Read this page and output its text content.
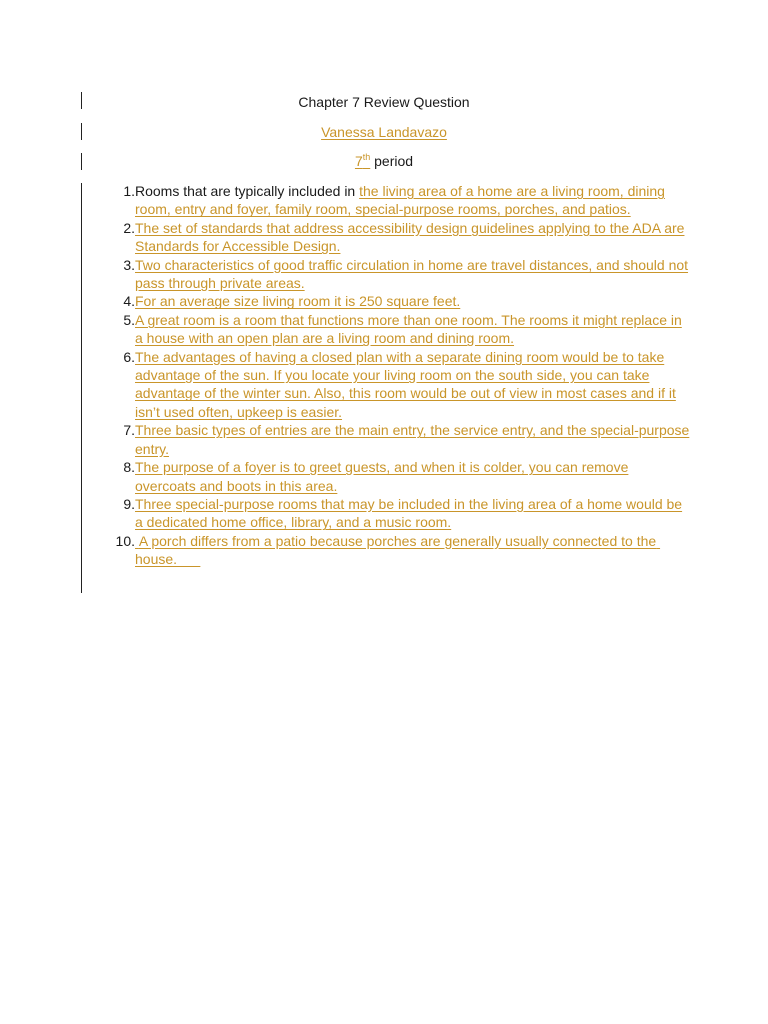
Chapter 7 Review Question
Vanessa Landavazo
7th period
1. Rooms that are typically included in the living area of a home are a living room, dining room, entry and foyer, family room, special-purpose rooms, porches, and patios.
2. The set of standards that address accessibility design guidelines applying to the ADA are Standards for Accessible Design.
3. Two characteristics of good traffic circulation in home are travel distances, and should not pass through private areas.
4. For an average size living room it is 250 square feet.
5. A great room is a room that functions more than one room. The rooms it might replace in a house with an open plan are a living room and dining room.
6. The advantages of having a closed plan with a separate dining room would be to take advantage of the sun. If you locate your living room on the south side, you can take advantage of the winter sun. Also, this room would be out of view in most cases and if it isn’t used often, upkeep is easier.
7. Three basic types of entries are the main entry, the service entry, and the special-purpose entry.
8. The purpose of a foyer is to greet guests, and when it is colder, you can remove overcoats and boots in this area.
9. Three special-purpose rooms that may be included in the living area of a home would be a dedicated home office, library, and a music room.
10. A porch differs from a patio because porches are generally usually connected to the house.
